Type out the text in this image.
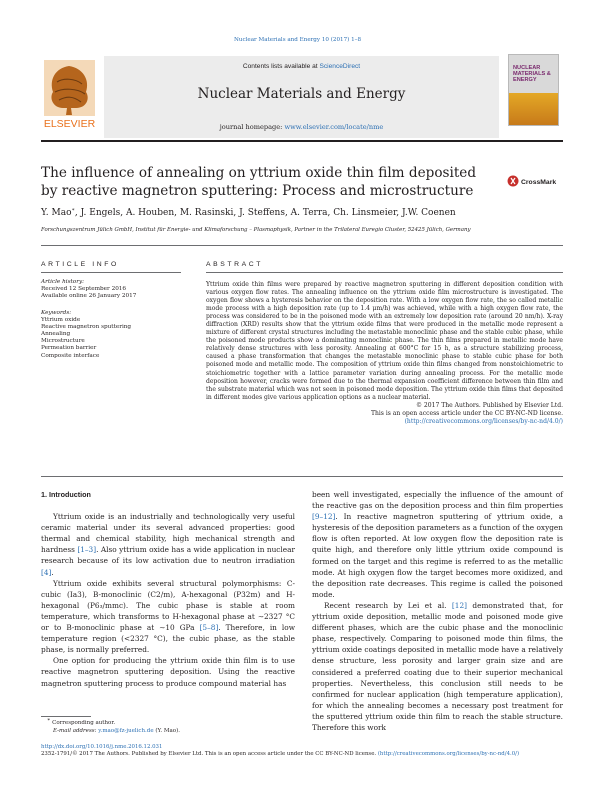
Nuclear Materials and Energy 10 (2017) 1–8
ELSEVIER
Contents lists available at ScienceDirect
Nuclear Materials and Energy
journal homepage: www.elsevier.com/locate/nme
NUCLEAR MATERIALS & ENERGY
The influence of annealing on yttrium oxide thin film deposited by reactive magnetron sputtering: Process and microstructure
CrossMark
Y. Mao∗, J. Engels, A. Houben, M. Rasinski, J. Steffens, A. Terra, Ch. Linsmeier, J.W. Coenen
Forschungszentrum Jülich GmbH, Institut für Energie- und Klimaforschung – Plasmaphysik, Partner in the Trilateral Euregio Cluster, 52425 Jülich, Germany
ARTICLE INFO
Article history:
Received 12 September 2016
Available online 26 January 2017
Keywords:
Yttrium oxide
Reactive magnetron sputtering
Annealing
Microstructure
Permeation barrier
Composite interface
ABSTRACT
Yttrium oxide thin films were prepared by reactive magnetron sputtering in different deposition condition with various oxygen flow rates. The annealing influence on the yttrium oxide film microstructure is investigated. The oxygen flow shows a hysteresis behavior on the deposition rate. With a low oxygen flow rate, the so called metallic mode process with a high deposition rate (up to 1.4 μm/h) was achieved, while with a high oxygen flow rate, the process was considered to be in the poisoned mode with an extremely low deposition rate (around 20 nm/h). X-ray diffraction (XRD) results show that the yttrium oxide films that were produced in the metallic mode represent a mixture of different crystal structures including the metastable monoclinic phase and the stable cubic phase, while the poisoned mode products show a dominating monoclinic phase. The thin films prepared in metallic mode have relatively dense structures with less porosity. Annealing at 600°C for 15 h, as a structure stabilizing process, caused a phase transformation that changes the metastable monoclinic phase to stable cubic phase for both poisoned mode and metallic mode. The composition of yttrium oxide thin films changed from nonstoichiometric to stoichiometric together with a lattice parameter variation during annealing process. For the metallic mode deposition however, cracks were formed due to the thermal expansion coefficient difference between thin film and the substrate material which was not seen in poisoned mode deposition. The yttrium oxide thin films that deposited in different modes give various application options as a nuclear material.
© 2017 The Authors. Published by Elsevier Ltd.
This is an open access article under the CC BY-NC-ND license.
(http://creativecommons.org/licenses/by-nc-nd/4.0/)

1. Introduction

Yttrium oxide is an industrially and technologically very useful ceramic material under its several advanced properties: good thermal and chemical stability, high mechanical strength and hardness [1–3]. Also yttrium oxide has a wide application in nuclear research because of its low activation due to neutron irradiation [4].

Yttrium oxide exhibits several structural polymorphisms: C-cubic (Ia3), B-monoclinic (C2/m), A-hexagonal (P32m) and H-hexagonal (P6₃/mmc). The cubic phase is stable at room temperature, which transforms to H-hexagonal phase at ∼2327 °C or to B-monoclinic phase at ∼10 GPa [5–8]. Therefore, in low temperature region (<2327 °C), the cubic phase, as the stable phase, is normally preferred.

One option for producing the yttrium oxide thin film is to use reactive magnetron sputtering deposition. Using the reactive magnetron sputtering process to produce compound material has

been well investigated, especially the influence of the amount of the reactive gas on the deposition process and thin film properties [9–12]. In reactive magnetron sputtering of yttrium oxide, a hysteresis of the deposition parameters as a function of the oxygen flow is often reported. At low oxygen flow the deposition rate is quite high, and therefore only little yttrium oxide compound is formed on the target and this regime is referred to as the metallic mode. At high oxygen flow the target becomes more oxidized, and the deposition rate decreases. This regime is called the poisoned mode.

Recent research by Lei et al. [12] demonstrated that, for yttrium oxide deposition, metallic mode and poisoned mode give different phases, which are the cubic phase and the monoclinic phase, respectively. Comparing to poisoned mode thin films, the yttrium oxide coatings deposited in metallic mode have a relatively dense structure, less porosity and larger grain size and are considered a preferred coating due to their superior mechanical properties. Nevertheless, this conclusion still needs to be confirmed for nuclear application (high temperature application), for which the annealing becomes a necessary post treatment for the sputtered yttrium oxide thin film to reach the stable structure. Therefore this work

∗ Corresponding author.
E-mail address: y.mao@fz-juelich.de (Y. Mao).
http://dx.doi.org/10.1016/j.nme.2016.12.031
2352-1791/© 2017 The Authors. Published by Elsevier Ltd. This is an open access article under the CC BY-NC-ND license. (http://creativecommons.org/licenses/by-nc-nd/4.0/)
